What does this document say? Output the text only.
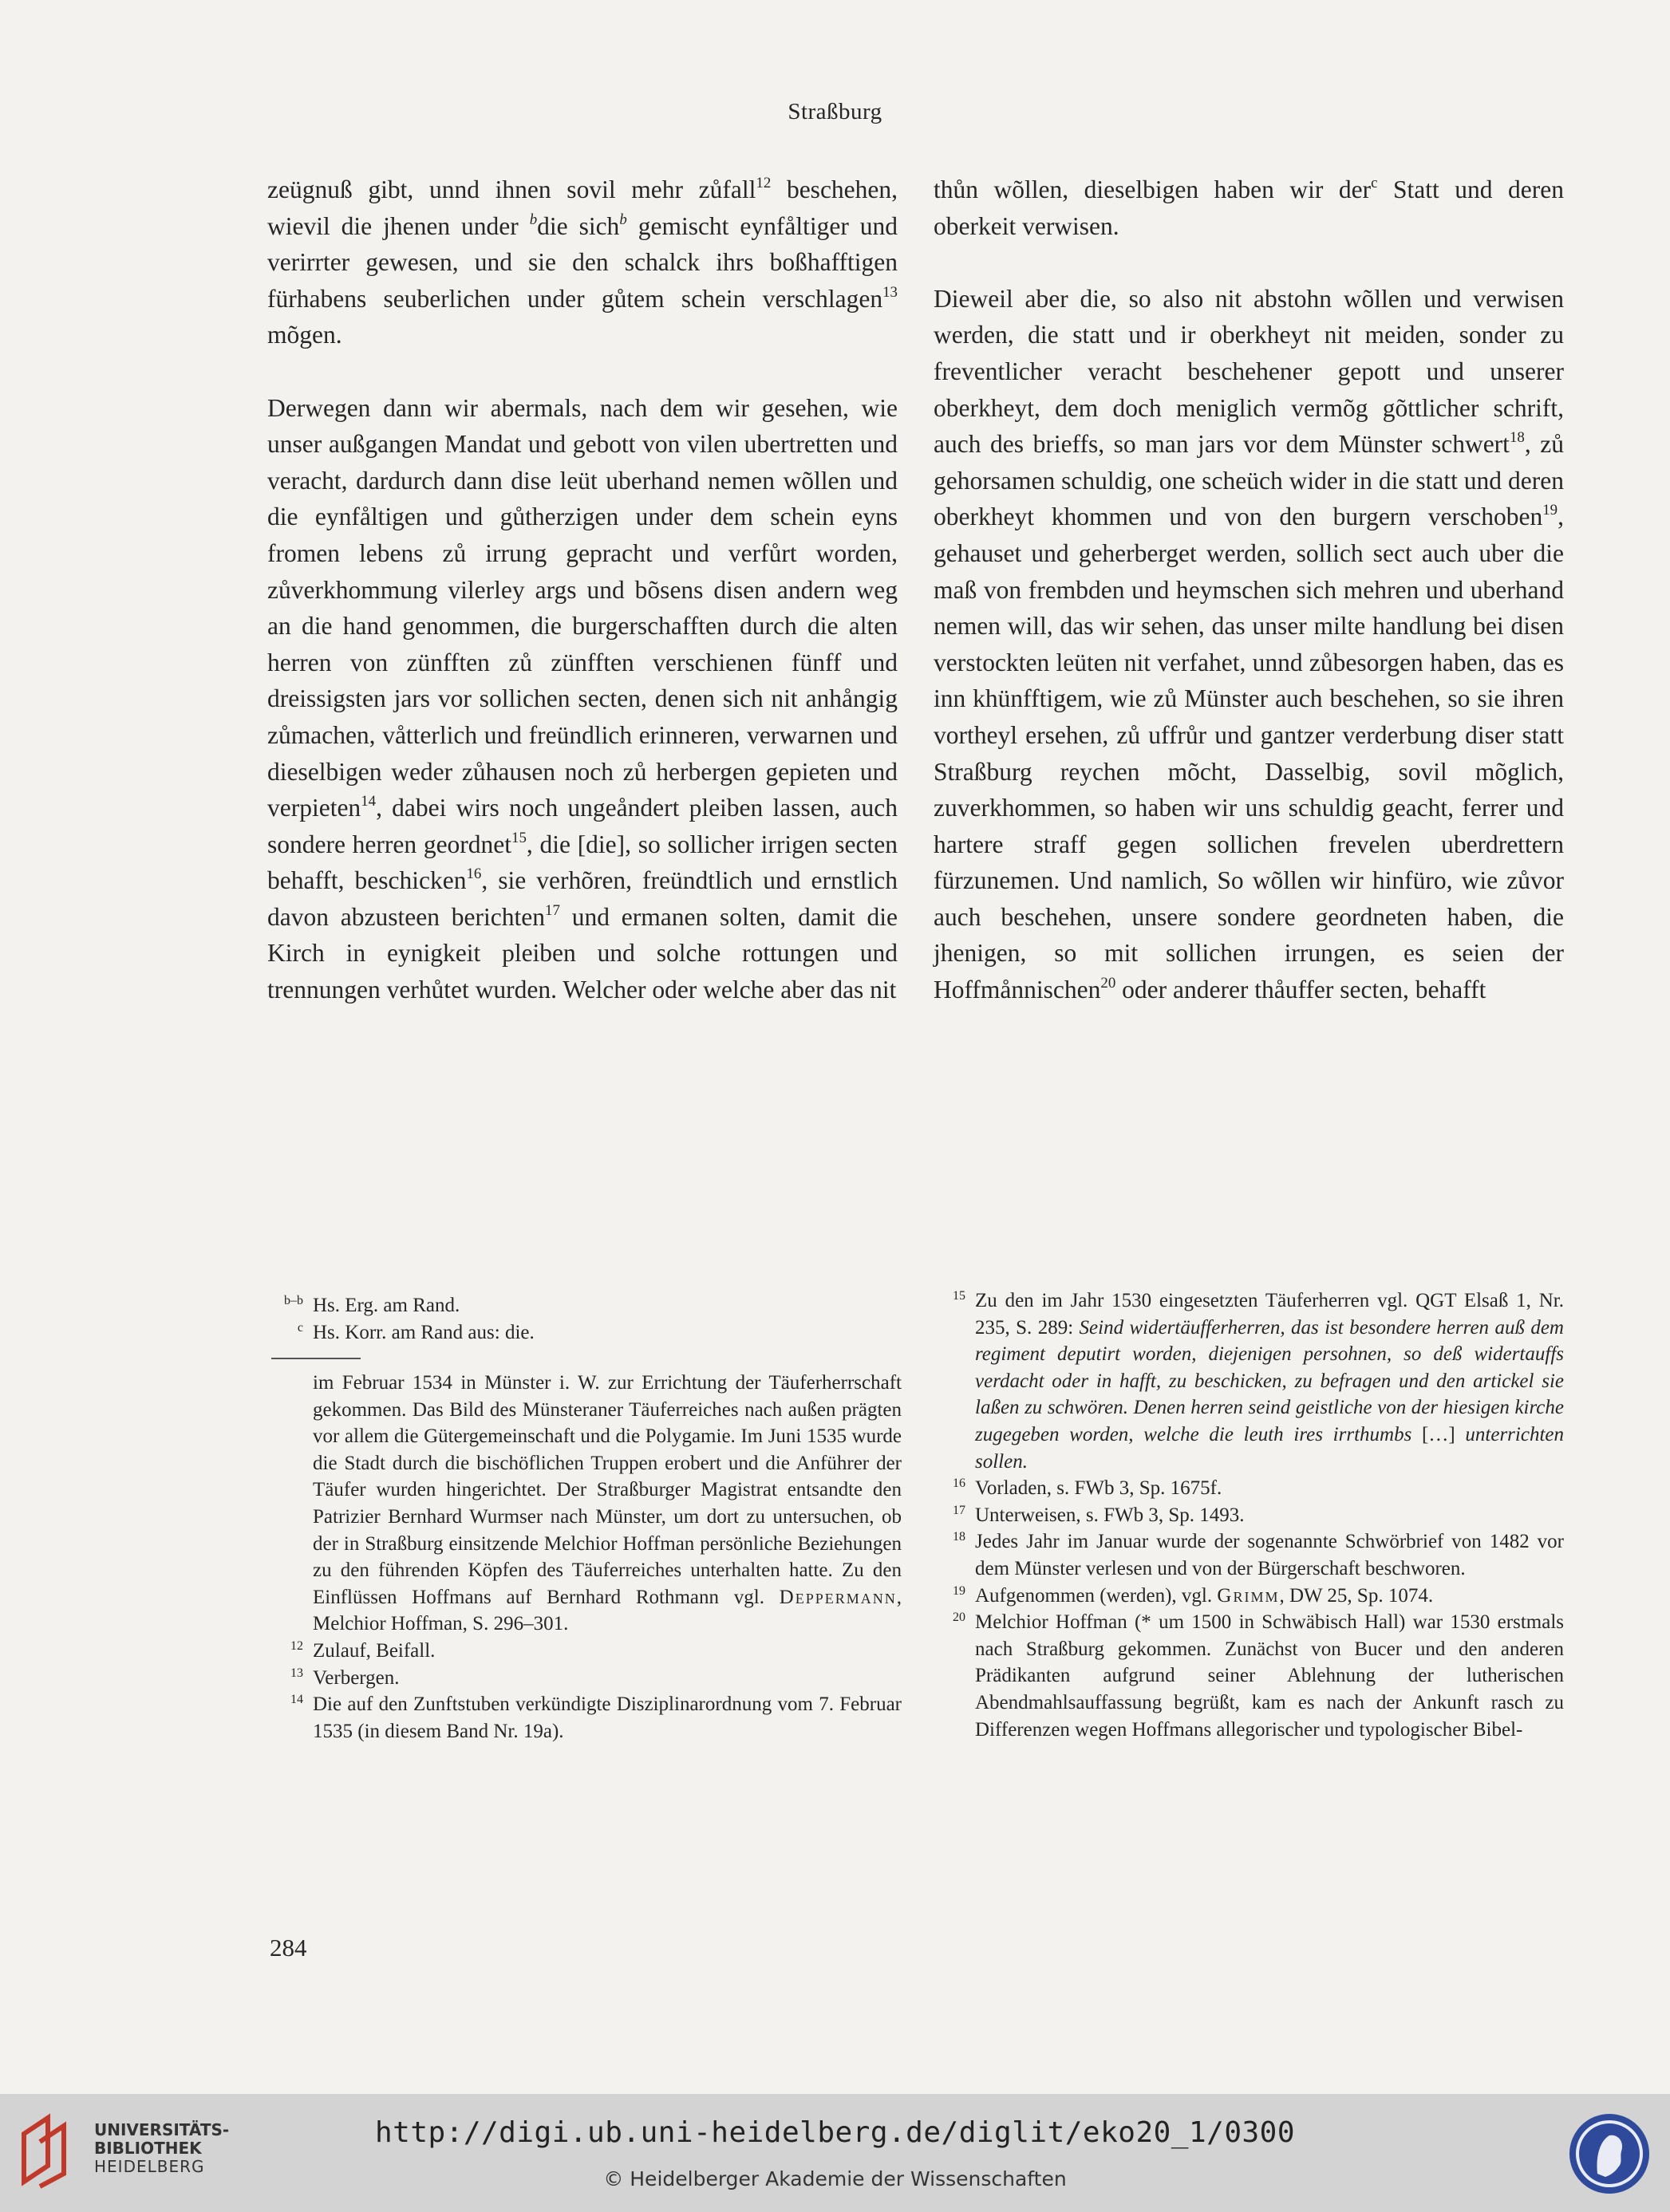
Straßburg

zeügnuß gibt, unnd ihnen sovil mehr zůfall$^{12}$ beschehen, wievil die jhenen under $^b$die sich$^b$ gemischt eynfåltiger und verirrter gewesen, und sie den schalck ihrs boßhafftigen fürhabens seuberlichen under gůtem schein verschlagen$^{13}$ mõgen.

Derwegen dann wir abermals, nach dem wir gesehen, wie unser außgangen Mandat und gebott von vilen ubertretten und veracht, dardurch dann dise leüt uberhand nemen wõllen und die eynfåltigen und gůtherzigen under dem schein eyns fromen lebens zů irrung gepracht und verfůrt worden, zůverkhommung vilerley args und bõsens disen andern weg an die hand genommen, die burgerschafften durch die alten herren von zünfften zů zünfften verschienen fünff und dreissigsten jars vor sollichen secten, denen sich nit anhångig zůmachen, våtterlich und freündlich erinneren, verwarnen und dieselbigen weder zůhausen noch zů herbergen gepieten und verpieten$^{14}$, dabei wirs noch ungeåndert pleiben lassen, auch sondere herren geordnet$^{15}$, die [die], so sollicher irrigen secten behafft, beschicken$^{16}$, sie verhõren, freündtlich und ernstlich davon abzusteen berichten$^{17}$ und ermanen solten, damit die Kirch in eynigkeit pleiben und solche rottungen und trennungen verhůtet wurden. Welcher oder welche aber das nit

thůn wõllen, dieselbigen haben wir der$^c$ Statt und deren oberkeit verwisen.

Dieweil aber die, so also nit abstohn wõllen und verwisen werden, die statt und ir oberkheyt nit meiden, sonder zu freventlicher veracht beschehener gepott und unserer oberkheyt, dem doch meniglich vermõg gõttlicher schrift, auch des brieffs, so man jars vor dem Münster schwert$^{18}$, zů gehorsamen schuldig, one scheüch wider in die statt und deren oberkheyt khommen und von den burgern verschoben$^{19}$, gehauset und geherberget werden, sollich sect auch uber die maß von frembden und heymschen sich mehren und uberhand nemen will, das wir sehen, das unser milte handlung bei disen verstockten leüten nit verfahet, unnd zůbesorgen haben, das es inn khünfftigem, wie zů Münster auch beschehen, so sie ihren vortheyl ersehen, zů uffrůr und gantzer verderbung diser statt Straßburg reychen mõcht, Dasselbig, sovil mõglich, zuverkhommen, so haben wir uns schuldig geacht, ferrer und hartere straff gegen sollichen frevelen uberdrettern fürzunemen. Und namlich, So wõllen wir hinfüro, wie zůvor auch beschehen, unsere sondere geordneten haben, die jhenigen, so mit sollichen irrungen, es seien der Hoffmånnischen$^{20}$ oder anderer thåuffer secten, behafft

b–b Hs. Erg. am Rand.
c Hs. Korr. am Rand aus: die.
im Februar 1534 in Münster i. W. zur Errichtung der Täuferherrschaft gekommen. Das Bild des Münsteraner Täuferreiches nach außen prägten vor allem die Gütergemeinschaft und die Polygamie. Im Juni 1535 wurde die Stadt durch die bischöflichen Truppen erobert und die Anführer der Täufer wurden hingerichtet. Der Straßburger Magistrat entsandte den Patrizier Bernhard Wurmser nach Münster, um dort zu untersuchen, ob der in Straßburg einsitzende Melchior Hoffman persönliche Beziehungen zu den führenden Köpfen des Täuferreiches unterhalten hatte. Zu den Einflüssen Hoffmans auf Bernhard Rothmann vgl. Deppermann, Melchior Hoffman, S. 296–301.
12 Zulauf, Beifall.
13 Verbergen.
14 Die auf den Zunftstuben verkündigte Disziplinarordnung vom 7. Februar 1535 (in diesem Band Nr. 19a).
15 Zu den im Jahr 1530 eingesetzten Täuferherren vgl. QGT Elsaß 1, Nr. 235, S. 289: Seind widertäufferherren, das ist besondere herren auß dem regiment deputirt worden, diejenigen persohnen, so deß widertauffs verdacht oder in hafft, zu beschicken, zu befragen und den artickel sie laßen zu schwören. Denen herren seind geistliche von der hiesigen kirche zugegeben worden, welche die leuth ires irrthumbs […] unterrichten sollen.
16 Vorladen, s. FWb 3, Sp. 1675f.
17 Unterweisen, s. FWb 3, Sp. 1493.
18 Jedes Jahr im Januar wurde der sogenannte Schwörbrief von 1482 vor dem Münster verlesen und von der Bürgerschaft beschworen.
19 Aufgenommen (werden), vgl. Grimm, DW 25, Sp. 1074.
20 Melchior Hoffman (* um 1500 in Schwäbisch Hall) war 1530 erstmals nach Straßburg gekommen. Zunächst von Bucer und den anderen Prädikanten aufgrund seiner Ablehnung der lutherischen Abendmahlsauffassung begrüßt, kam es nach der Ankunft rasch zu Differenzen wegen Hoffmans allegorischer und typologischer Bibel-
284
UNIVERSITÄTS-
BIBLIOTHEK
HEIDELBERG
http://digi.ub.uni-heidelberg.de/diglit/eko20_1/0300
© Heidelberger Akademie der Wissenschaften
